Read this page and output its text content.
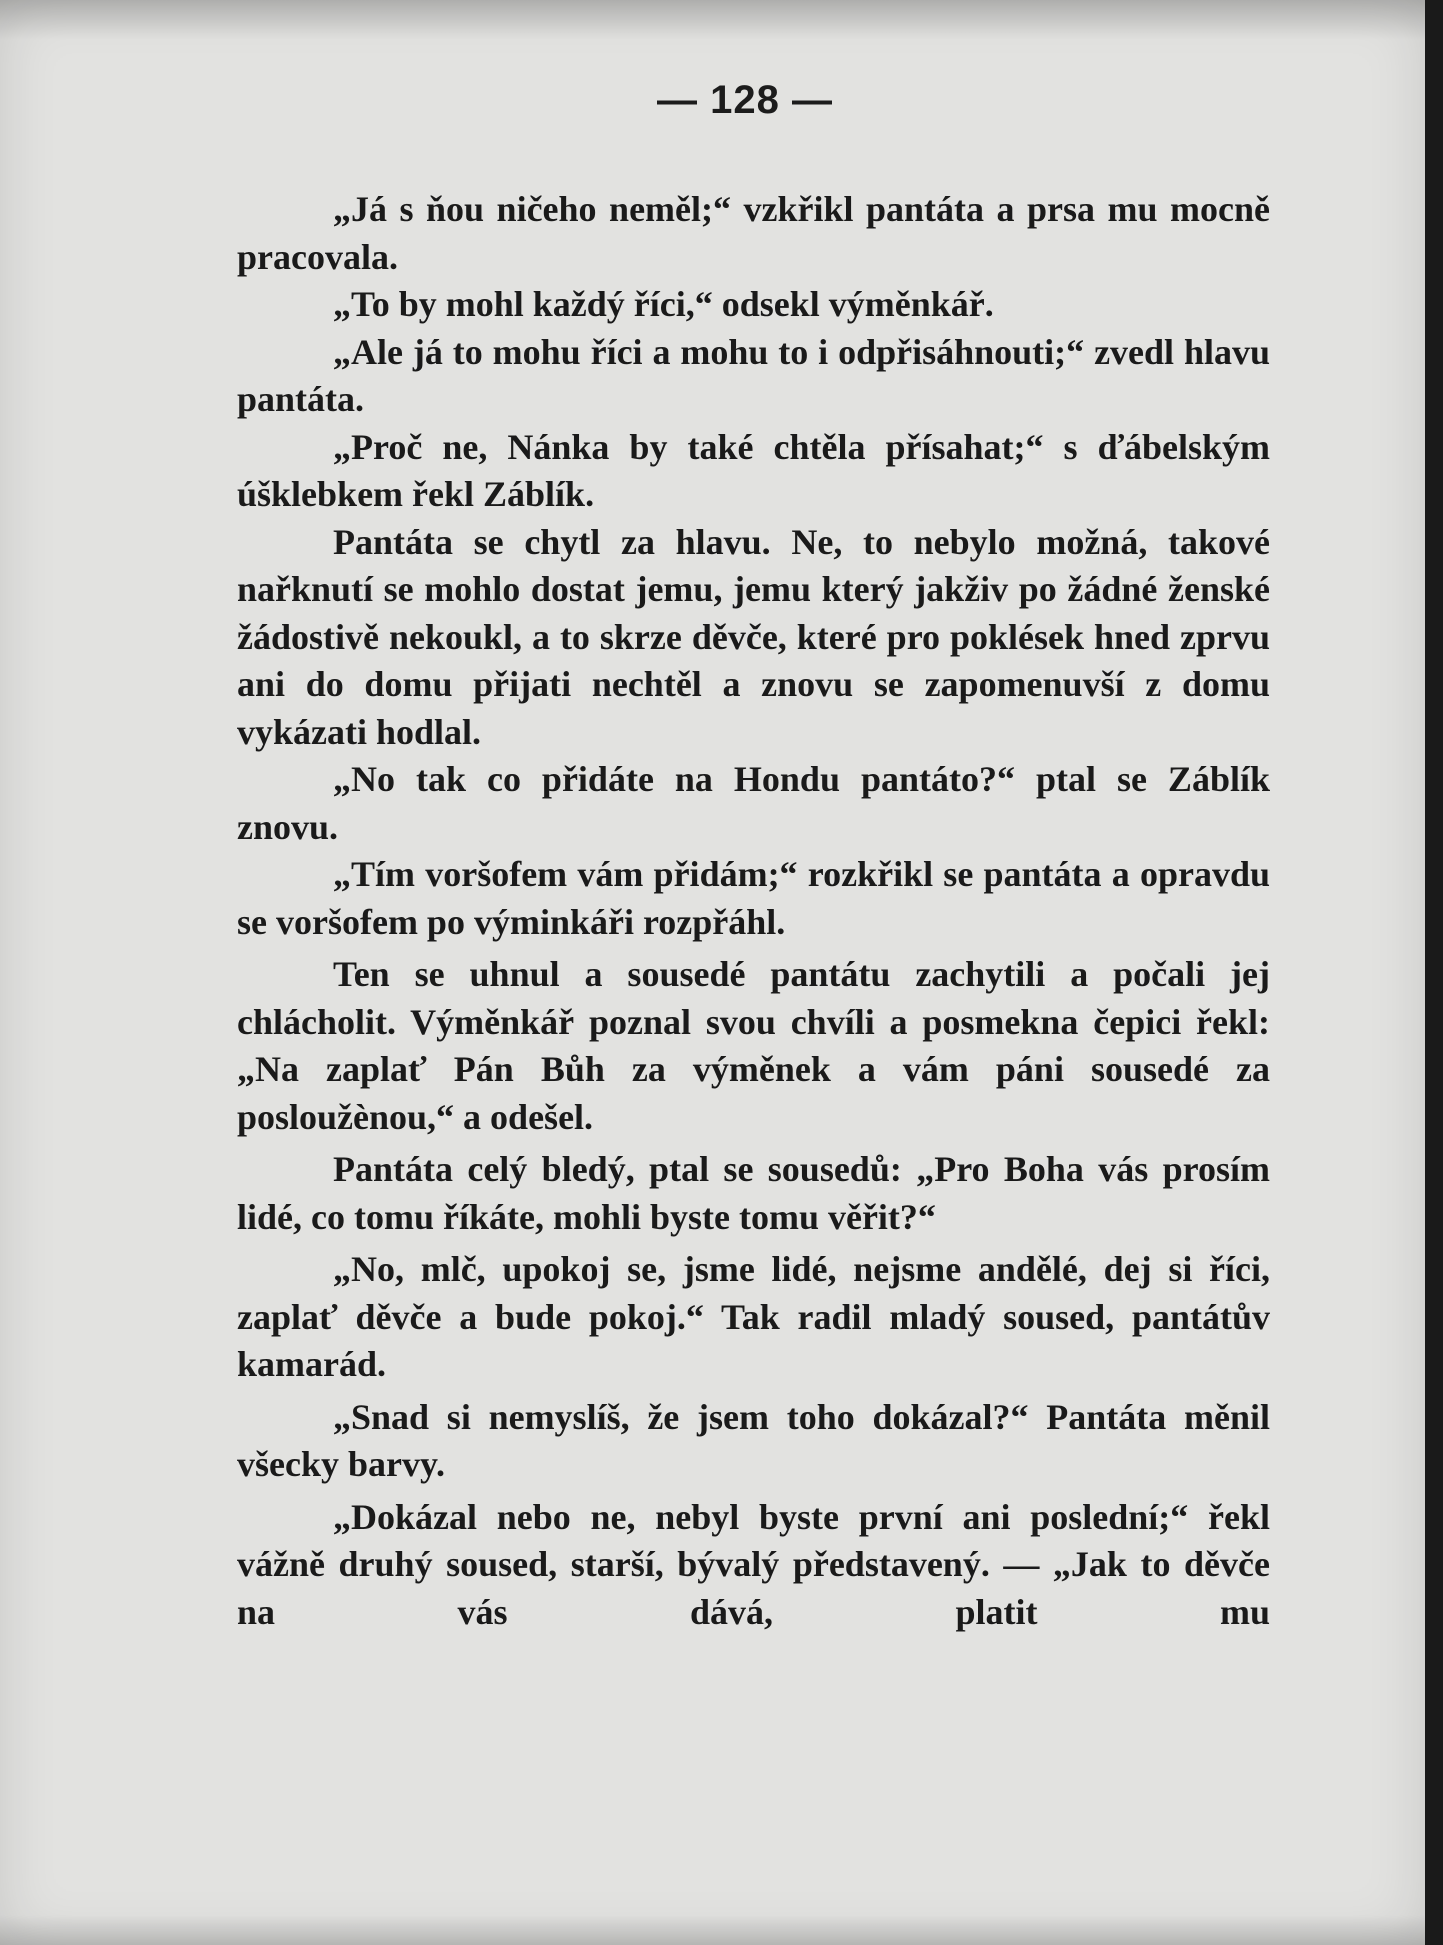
— 128 —

„Já s ňou ničeho neměl;“ vzkřikl pantáta a prsa mu mocně pracovala.

„To by mohl každý říci,“ odsekl výměnkář.

„Ale já to mohu říci a mohu to i odpřisáhnouti;“ zvedl hlavu pantáta.

„Proč ne, Nánka by také chtěla přísahat;“ s ďábelským úšklebkem řekl Záblík.

Pantáta se chytl za hlavu. Ne, to nebylo možná, takové nařknutí se mohlo dostat jemu, jemu který jakživ po žádné ženské žádostivě nekoukl, a to skrze děvče, které pro poklések hned zprvu ani do domu přijati nechtěl a znovu se zapomenuvší z domu vykázati hodlal.

„No tak co přidáte na Hondu pantáto?“ ptal se Záblík znovu.

„Tím voršofem vám přidám;“ rozkřikl se pantáta a opravdu se voršofem po výminkáři rozpřáhl.

Ten se uhnul a sousedé pantátu zachytili a počali jej chlácholit. Výměnkář poznal svou chvíli a posmekna čepici řekl: „Na zaplať Pán Bůh za výměnek a vám páni sousedé za posloužènou,“ a odešel.

Pantáta celý bledý, ptal se sousedů: „Pro Boha vás prosím lidé, co tomu říkáte, mohli byste tomu věřit?“

„No, mlč, upokoj se, jsme lidé, nejsme andělé, dej si říci, zaplať děvče a bude pokoj.“ Tak radil mladý soused, pantátův kamarád.

„Snad si nemyslíš, že jsem toho dokázal?“ Pantáta měnil všecky barvy.

„Dokázal nebo ne, nebyl byste první ani poslední;“ řekl vážně druhý soused, starší, bývalý představený. — „Jak to děvče na vás dává, platit mu
